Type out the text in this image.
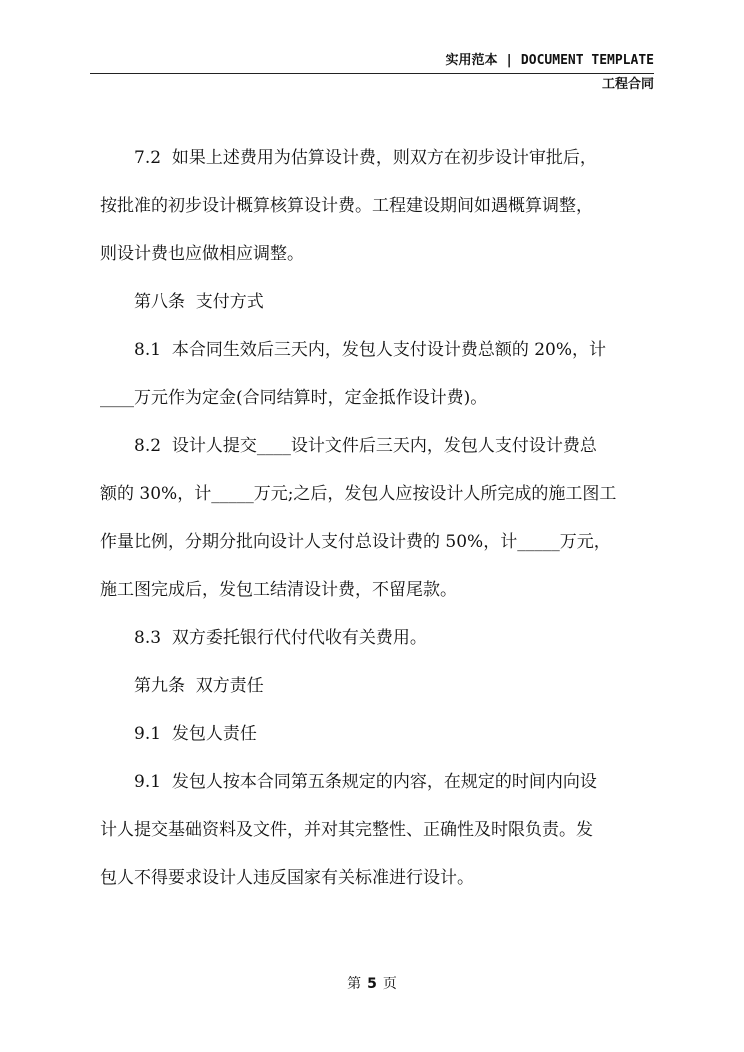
实用范本 | DOCUMENT TEMPLATE
工程合同

7.2  如果上述费用为估算设计费，则双方在初步设计审批后，

按批准的初步设计概算核算设计费。工程建设期间如遇概算调整，

则设计费也应做相应调整。

第八条  支付方式

8.1  本合同生效后三天内，发包人支付设计费总额的 20%，计

____万元作为定金(合同结算时，定金抵作设计费)。

8.2  设计人提交____设计文件后三天内，发包人支付设计费总

额的 30%，计_____万元;之后，发包人应按设计人所完成的施工图工

作量比例，分期分批向设计人支付总设计费的 50%，计_____万元，

施工图完成后，发包工结清设计费，不留尾款。

8.3  双方委托银行代付代收有关费用。

第九条  双方责任

9.1  发包人责任

9.1  发包人按本合同第五条规定的内容，在规定的时间内向设

计人提交基础资料及文件，并对其完整性、正确性及时限负责。发

包人不得要求设计人违反国家有关标准进行设计。

第 5 页
